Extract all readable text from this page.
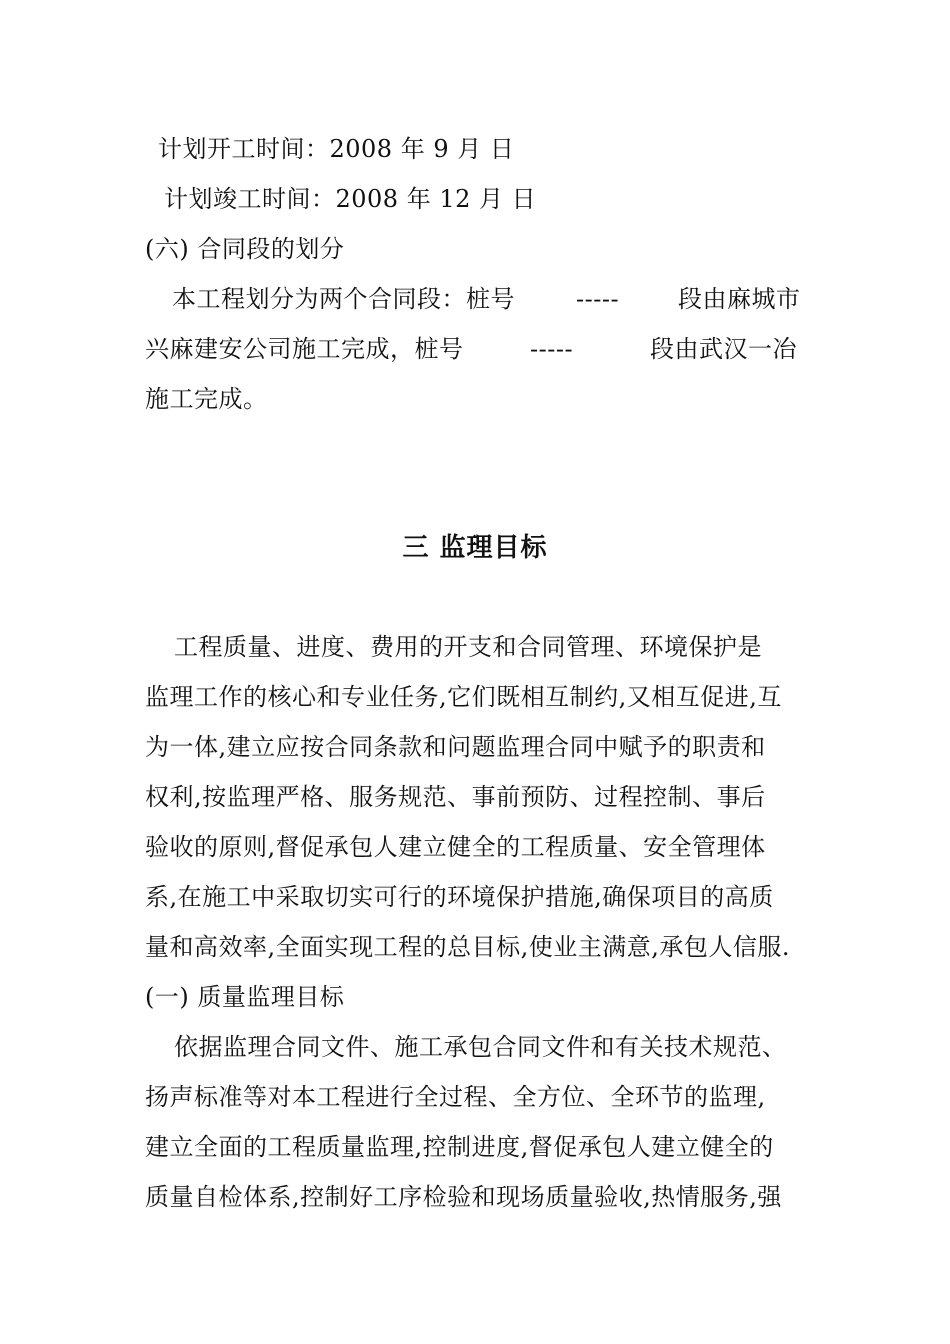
计划开工时间：2008 年 9 月 日
计划竣工时间：2008 年 12 月 日
(六) 合同段的划分
本工程划分为两个合同段：桩号	----- 段由麻城市
兴麻建安公司施工完成，桩号	-----	段由武汉一冶
施工完成。
三 监理目标
工程质量、进度、费用的开支和合同管理、环境保护是
监理工作的核心和专业任务,它们既相互制约,又相互促进,互
为一体,建立应按合同条款和问题监理合同中赋予的职责和
权利,按监理严格、服务规范、事前预防、过程控制、事后
验收的原则,督促承包人建立健全的工程质量、安全管理体
系,在施工中采取切实可行的环境保护措施,确保项目的高质
量和高效率,全面实现工程的总目标,使业主满意,承包人信服.
(一) 质量监理目标
依据监理合同文件、施工承包合同文件和有关技术规范、
扬声标准等对本工程进行全过程、全方位、全环节的监理,
建立全面的工程质量监理,控制进度,督促承包人建立健全的
质量自检体系,控制好工序检验和现场质量验收,热情服务,强
